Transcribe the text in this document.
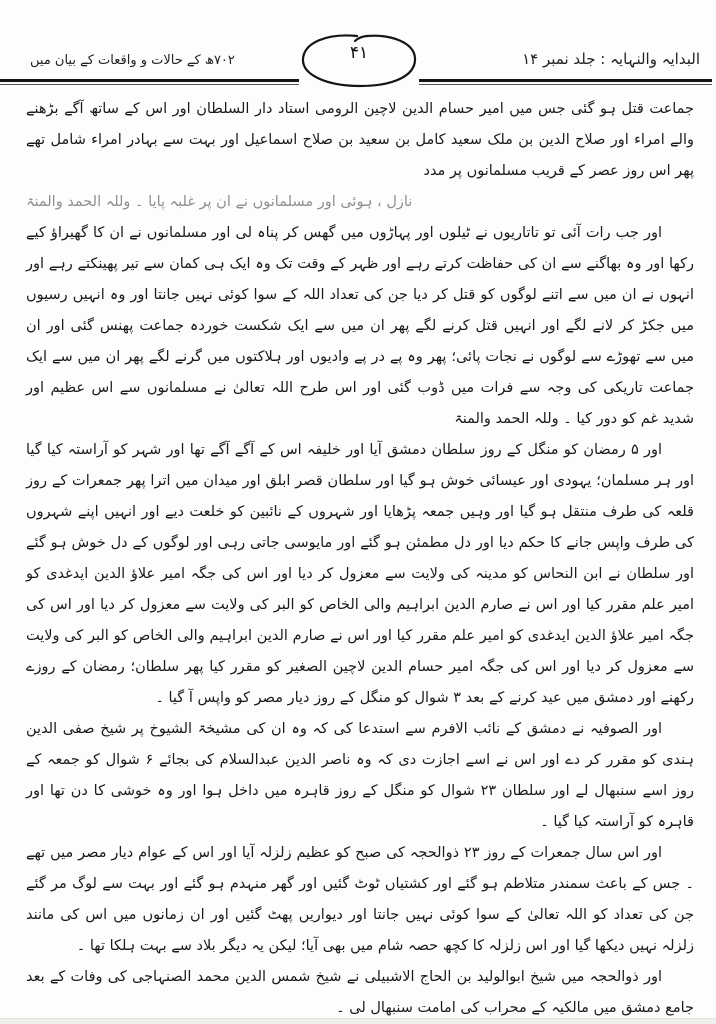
البدایہ والنہایہ : جلد نمبر ۱۴
۷۰۲ھ کے حالات و واقعات کے بیان میں	۴۱

جماعت قتل ہو گئی جس میں امیر حسام الدین لاچین الرومی استاد دار السلطان اور اس کے ساتھ آگے بڑھنے والے امراء اور صلاح الدین بن ملک سعید کامل بن سعید بن صلاح اسماعیل اور بہت سے بہادر امراء شامل تھے پھر اس روز عصر کے قریب مسلمانوں پر مدد

نازل ، ہوئی اور مسلمانوں نے ان پر غلبہ پایا ۔ وللہ الحمد والمنۃ

اور جب رات آئی تو تاتاریوں نے ٹیلوں اور پہاڑوں میں گھس کر پناہ لی اور مسلمانوں نے ان کا گھیراؤ کیے رکھا اور وہ بھاگنے سے ان کی حفاظت کرتے رہے اور ظہر کے وقت تک وہ ایک ہی کمان سے تیر پھینکتے رہے اور انہوں نے ان میں سے اتنے لوگوں کو قتل کر دیا جن کی تعداد اللہ کے سوا کوئی نہیں جانتا اور وہ انہیں رسیوں میں جکڑ کر لانے لگے اور انہیں قتل کرنے لگے پھر ان میں سے ایک شکست خوردہ جماعت پھنس گئی اور ان میں سے تھوڑے سے لوگوں نے نجات پائی؛ پھر وہ پے در پے وادیوں اور ہلاکتوں میں گرنے لگے پھر ان میں سے ایک جماعت تاریکی کی وجہ سے فرات میں ڈوب گئی اور اس طرح اللہ تعالیٰ نے مسلمانوں سے اس عظیم اور شدید غم کو دور کیا ۔ وللہ الحمد والمنۃ

اور ۵ رمضان کو منگل کے روز سلطان دمشق آیا اور خلیفہ اس کے آگے آگے تھا اور شہر کو آراستہ کیا گیا اور ہر مسلمان؛ یہودی اور عیسائی خوش ہو گیا اور سلطان قصر ابلق اور میدان میں اترا پھر جمعرات کے روز قلعہ کی طرف منتقل ہو گیا اور وہیں جمعہ پڑھایا اور شہروں کے نائبین کو خلعت دیے اور انہیں اپنے شہروں کی طرف واپس جانے کا حکم دیا اور دل مطمئن ہو گئے اور مایوسی جاتی رہی اور لوگوں کے دل خوش ہو گئے اور سلطان نے ابن النحاس کو مدینہ کی ولایت سے معزول کر دیا اور اس کی جگہ امیر علاؤ الدین ایدغدی کو امیر علم مقرر کیا اور اس نے صارم الدین ابراہیم والی الخاص کو البر کی ولایت سے معزول کر دیا اور اس کی جگہ امیر علاؤ الدین ایدغدی کو امیر علم مقرر کیا اور اس نے صارم الدین ابراہیم والی الخاص کو البر کی ولایت سے معزول کر دیا اور اس کی جگہ امیر حسام الدین لاچین الصغیر کو مقرر کیا پھر سلطان؛ رمضان کے روزے رکھنے اور دمشق میں عید کرنے کے بعد ۳ شوال کو منگل کے روز دیار مصر کو واپس آ گیا ۔

اور الصوفیہ نے دمشق کے نائب الافرم سے استدعا کی کہ وہ ان کی مشیخۃ الشیوخ پر شیخ صفی الدین ہندی کو مقرر کر دے اور اس نے اسے اجازت دی کہ وہ ناصر الدین عبدالسلام کی بجائے ۶ شوال کو جمعہ کے روز اسے سنبھال لے اور سلطان ۲۳ شوال کو منگل کے روز قاہرہ میں داخل ہوا اور وہ خوشی کا دن تھا اور قاہرہ کو آراستہ کیا گیا ۔

اور اس سال جمعرات کے روز ۲۳ ذوالحجہ کی صبح کو عظیم زلزلہ آیا اور اس کے عوام دیار مصر میں تھے ۔ جس کے باعث سمندر متلاطم ہو گئے اور کشتیاں ٹوٹ گئیں اور گھر منہدم ہو گئے اور بہت سے لوگ مر گئے جن کی تعداد کو اللہ تعالیٰ کے سوا کوئی نہیں جانتا اور دیواریں پھٹ گئیں اور ان زمانوں میں اس کی مانند زلزلہ نہیں دیکھا گیا اور اس زلزلہ کا کچھ حصہ شام میں بھی آیا؛ لیکن یہ دیگر بلاد سے بہت ہلکا تھا ۔

اور ذوالحجہ میں شیخ ابوالولید بن الحاج الاشبیلی نے شیخ شمس الدین محمد الصنہاجی کی وفات کے بعد جامع دمشق میں مالکیہ کے محراب کی امامت سنبھال لی ۔
